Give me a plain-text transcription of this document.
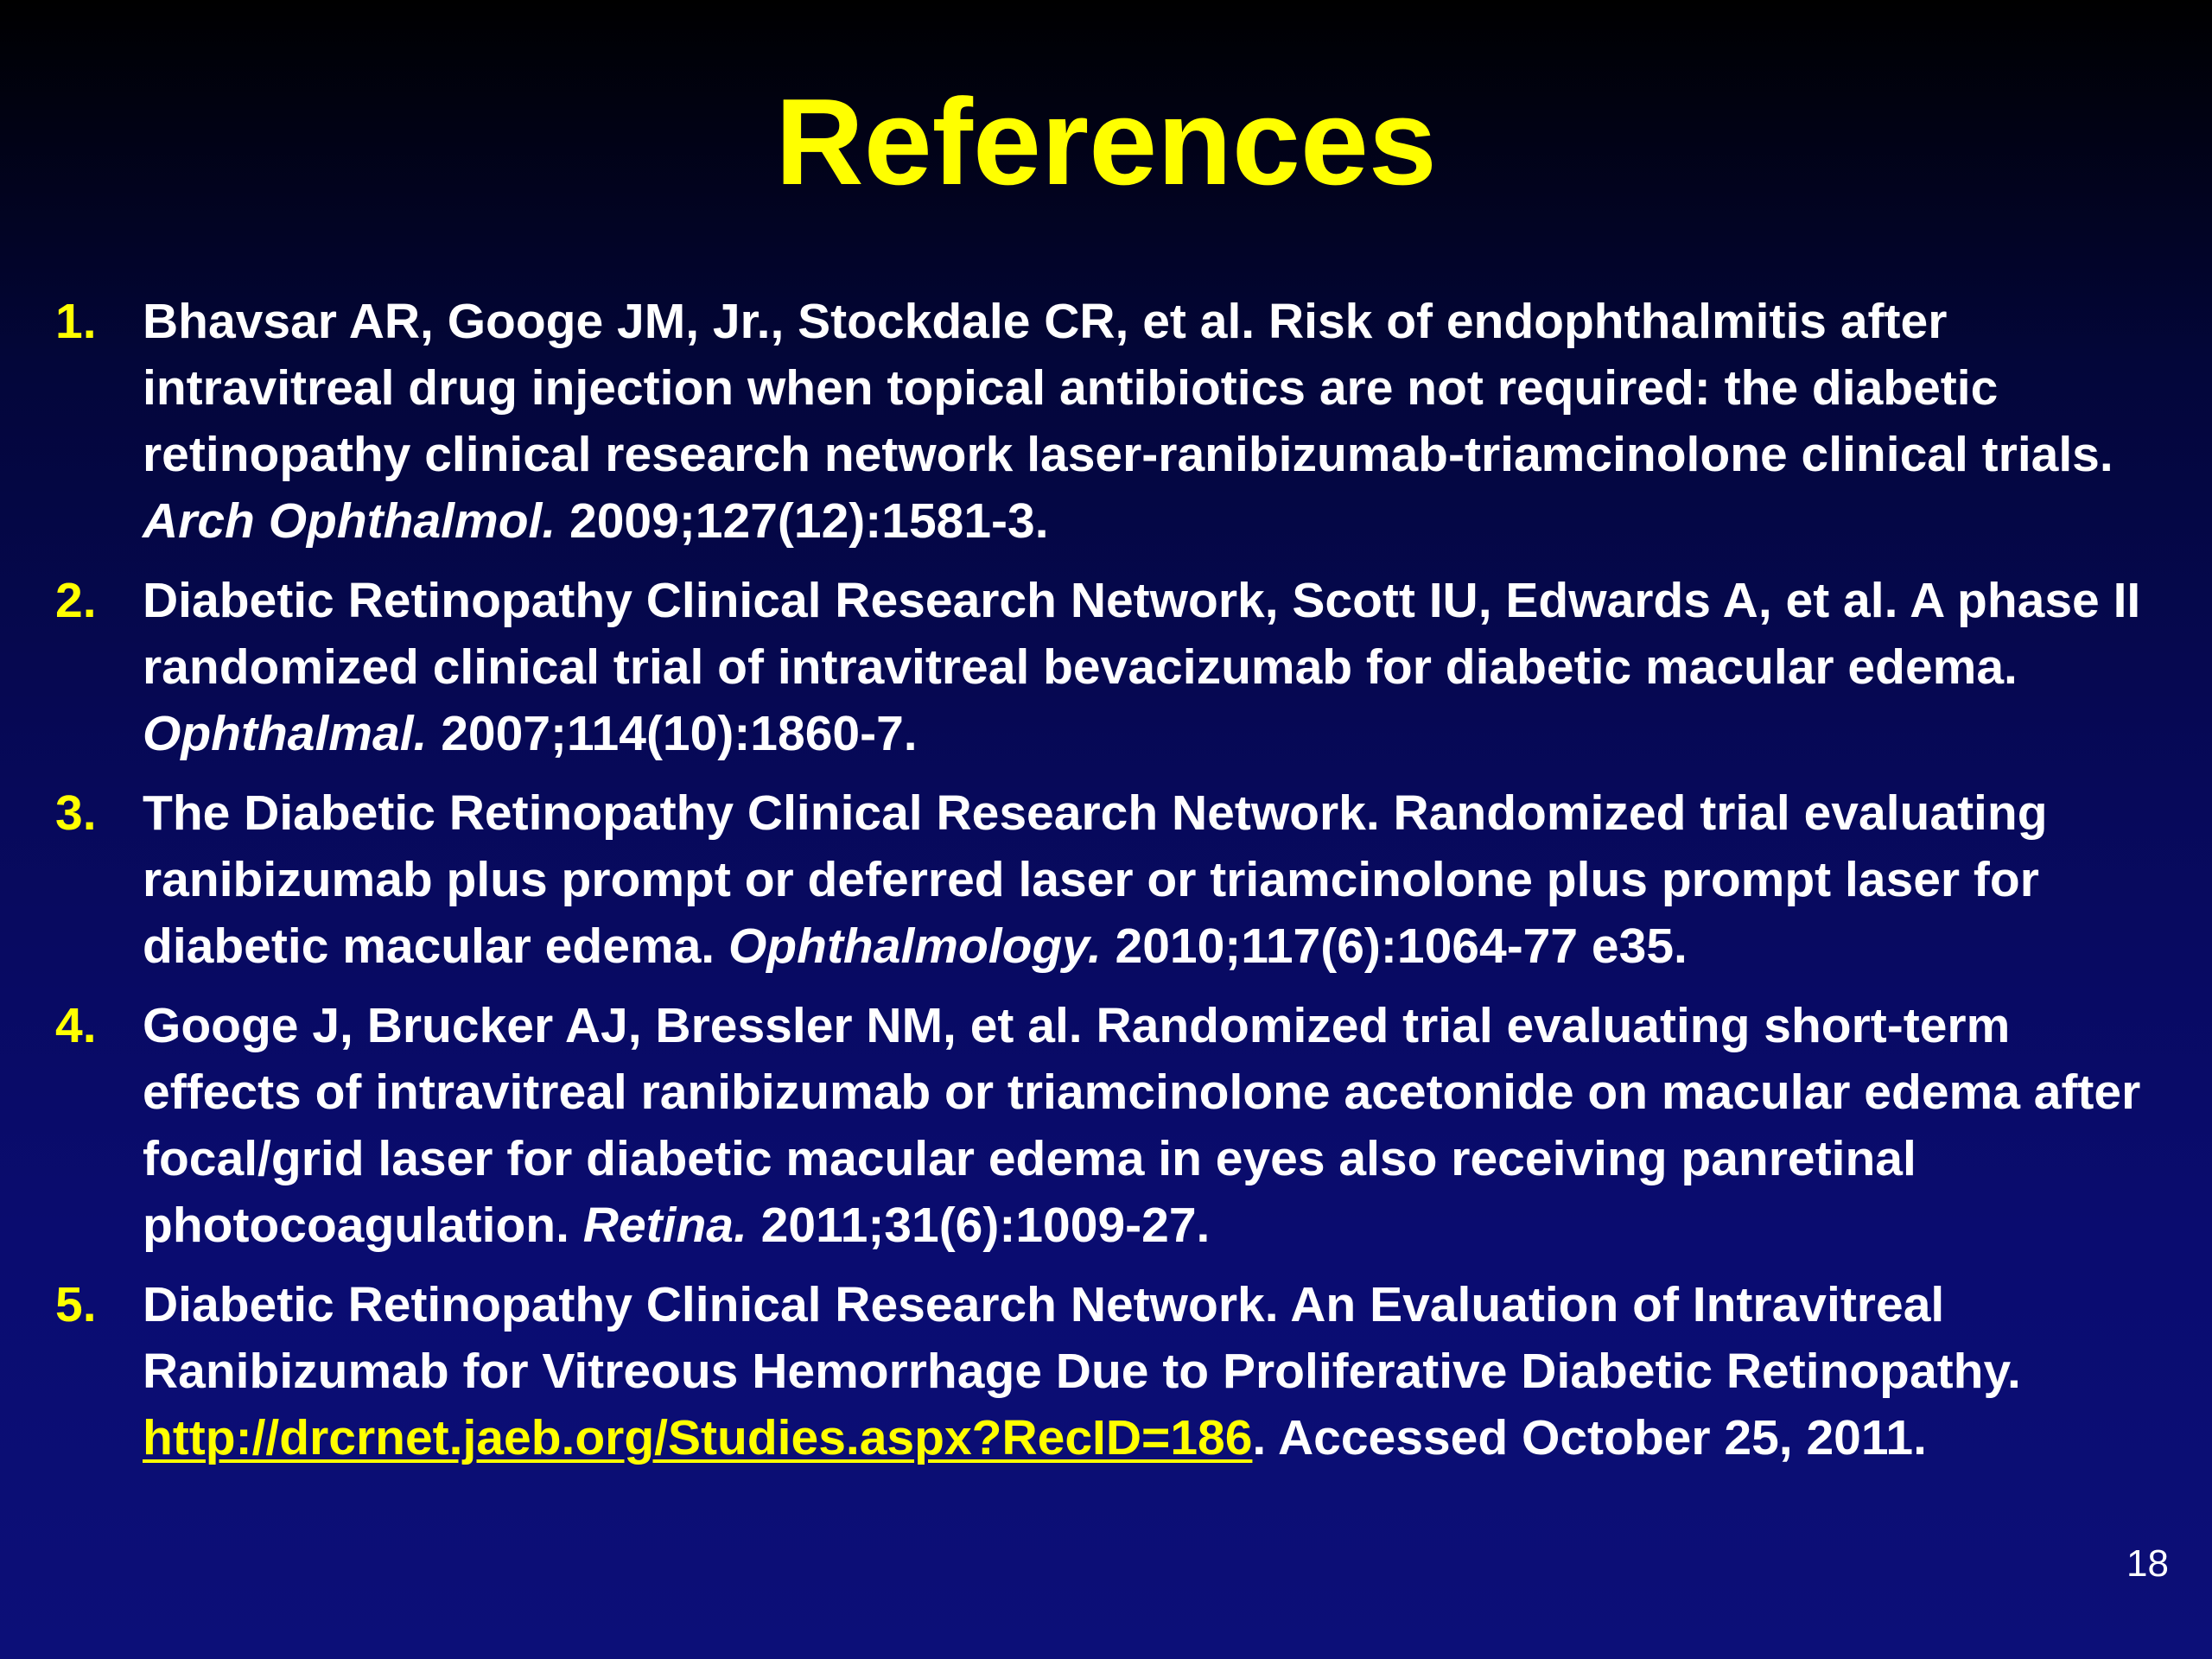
References
1. Bhavsar AR, Googe JM, Jr., Stockdale CR, et al. Risk of endophthalmitis after intravitreal drug injection when topical antibiotics are not required: the diabetic retinopathy clinical research network laser-ranibizumab-triamcinolone clinical trials. Arch Ophthalmol. 2009;127(12):1581-3.
2. Diabetic Retinopathy Clinical Research Network, Scott IU, Edwards A, et al. A phase II randomized clinical trial of intravitreal bevacizumab for diabetic macular edema. Ophthalmal. 2007;114(10):1860-7.
3. The Diabetic Retinopathy Clinical Research Network. Randomized trial evaluating ranibizumab plus prompt or deferred laser or triamcinolone plus prompt laser for diabetic macular edema. Ophthalmology. 2010;117(6):1064-77 e35.
4. Googe J, Brucker AJ, Bressler NM, et al. Randomized trial evaluating short-term effects of intravitreal ranibizumab or triamcinolone acetonide on macular edema after focal/grid laser for diabetic macular edema in eyes also receiving panretinal photocoagulation. Retina. 2011;31(6):1009-27.
5. Diabetic Retinopathy Clinical Research Network. An Evaluation of Intravitreal Ranibizumab for Vitreous Hemorrhage Due to Proliferative Diabetic Retinopathy. http://drcrnet.jaeb.org/Studies.aspx?RecID=186. Accessed October 25, 2011.
18
